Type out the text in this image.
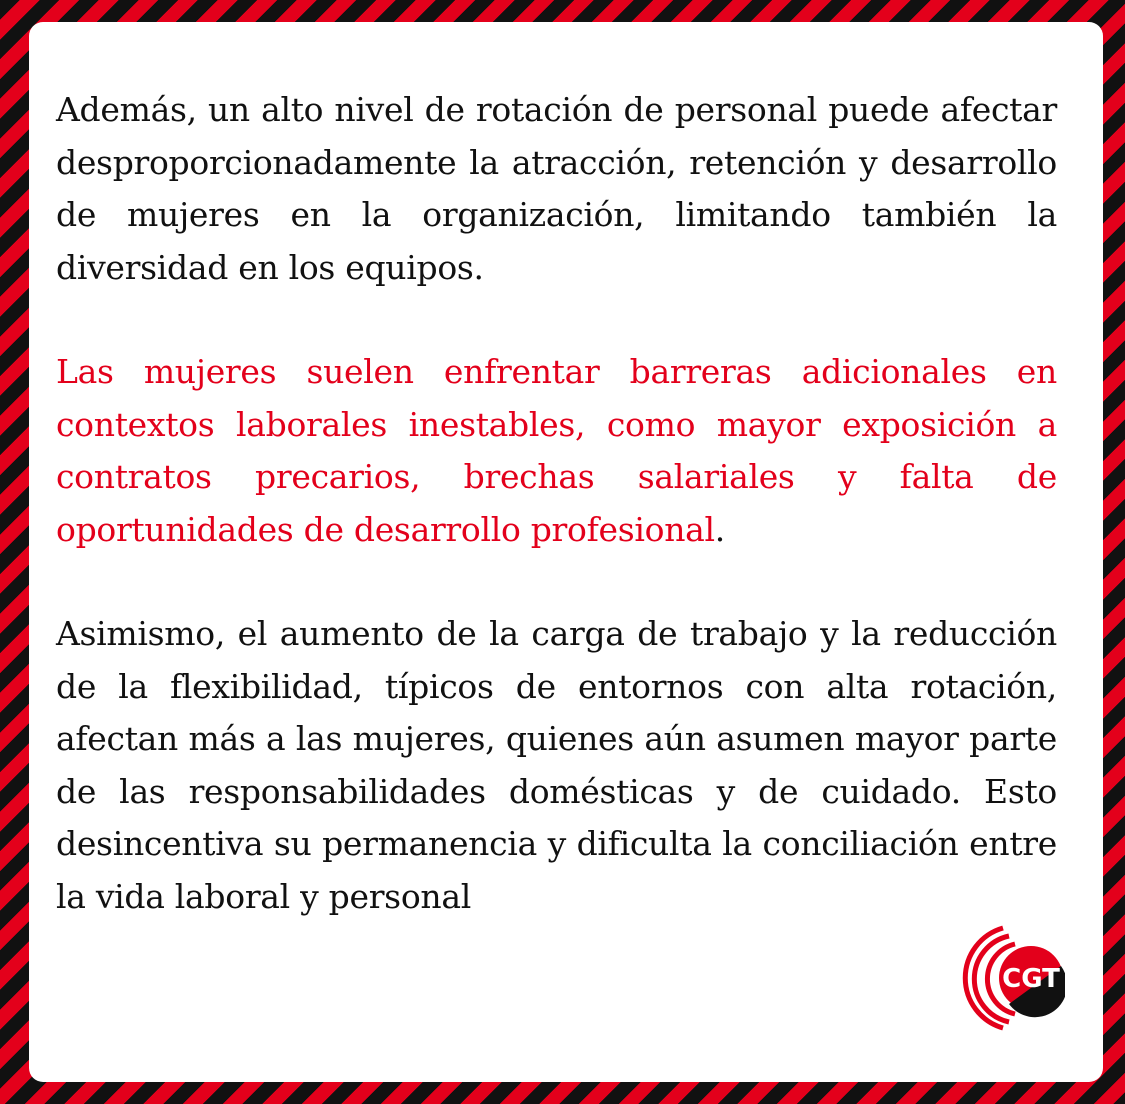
Además, un alto nivel de rotación de personal puede afectar desproporcionadamente la atracción, retención y desarrollo de mujeres en la organización, limitando también la diversidad en los equipos.

Las mujeres suelen enfrentar barreras adicionales en contextos laborales inestables, como mayor exposición a contratos precarios, brechas salariales y falta de oportunidades de desarrollo profesional.

Asimismo, el aumento de la carga de trabajo y la reducción de la flexibilidad, típicos de entornos con alta rotación, afectan más a las mujeres, quienes aún asumen mayor parte de las responsabilidades domésticas y de cuidado. Esto desincentiva su permanencia y dificulta la conciliación entre la vida laboral y personal

CGT
